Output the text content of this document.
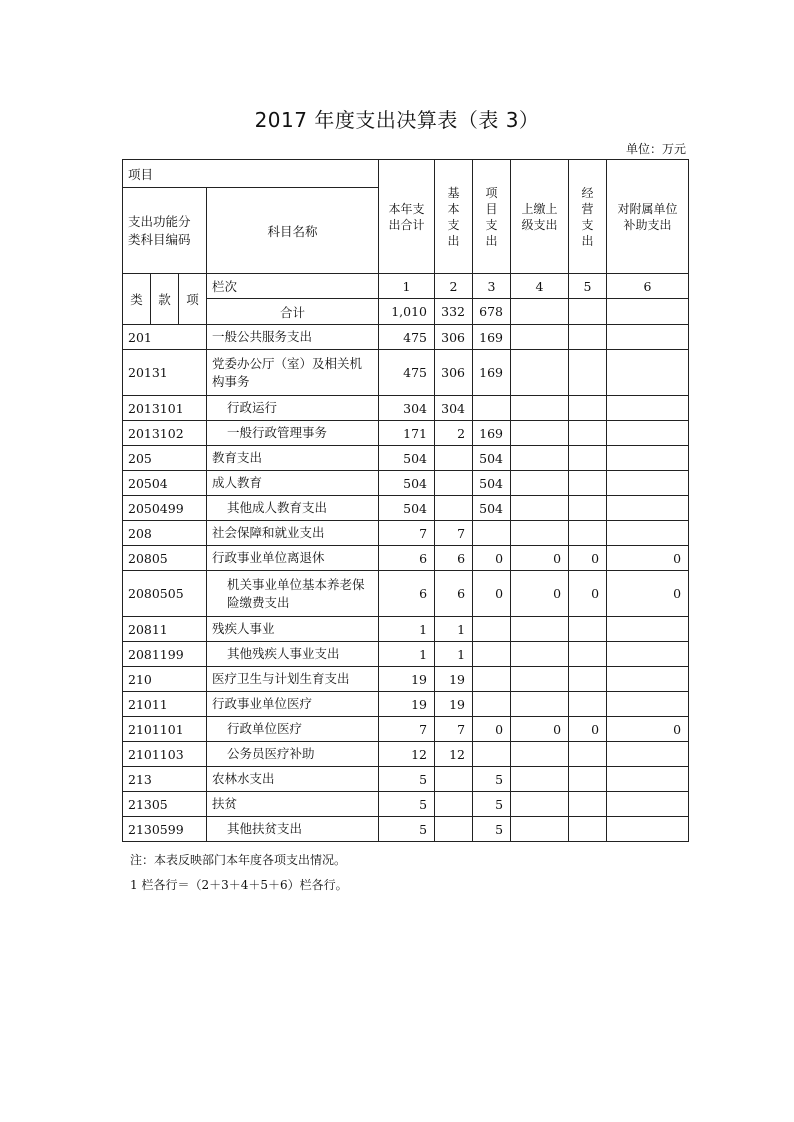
2017 年度支出决算表（表 3）
单位：万元
项目				本年支出合计	基本支出	项目支出	上缴上级支出	经营支出	对附属单位补助支出

支出功能分类科目编码			科目名称						

类	款	项	栏次	1	2	3	4	5	6
			合计	1,010	332	678			
201			一般公共服务支出	475	306	169			
20131			党委办公厅（室）及相关机构事务	475	306	169			
2013101			行政运行	304	304				
2013102			一般行政管理事务	171	2	169			
205			教育支出	504		504			
20504			成人教育	504		504			
2050499			其他成人教育支出	504		504			
208			社会保障和就业支出	7	7				
20805			行政事业单位离退休	6	6	0	0	0	0
2080505			机关事业单位基本养老保险缴费支出	6	6	0	0	0	0
20811			残疾人事业	1	1				
2081199			其他残疾人事业支出	1	1				
210			医疗卫生与计划生育支出	19	19				
21011			行政事业单位医疗	19	19				
2101101			行政单位医疗	7	7	0	0	0	0
2101103			公务员医疗补助	12	12				
213			农林水支出	5		5			
21305			扶贫	5		5			
2130599			其他扶贫支出	5		5			
注：本表反映部门本年度各项支出情况。
1 栏各行＝（2＋3＋4＋5＋6）栏各行。
